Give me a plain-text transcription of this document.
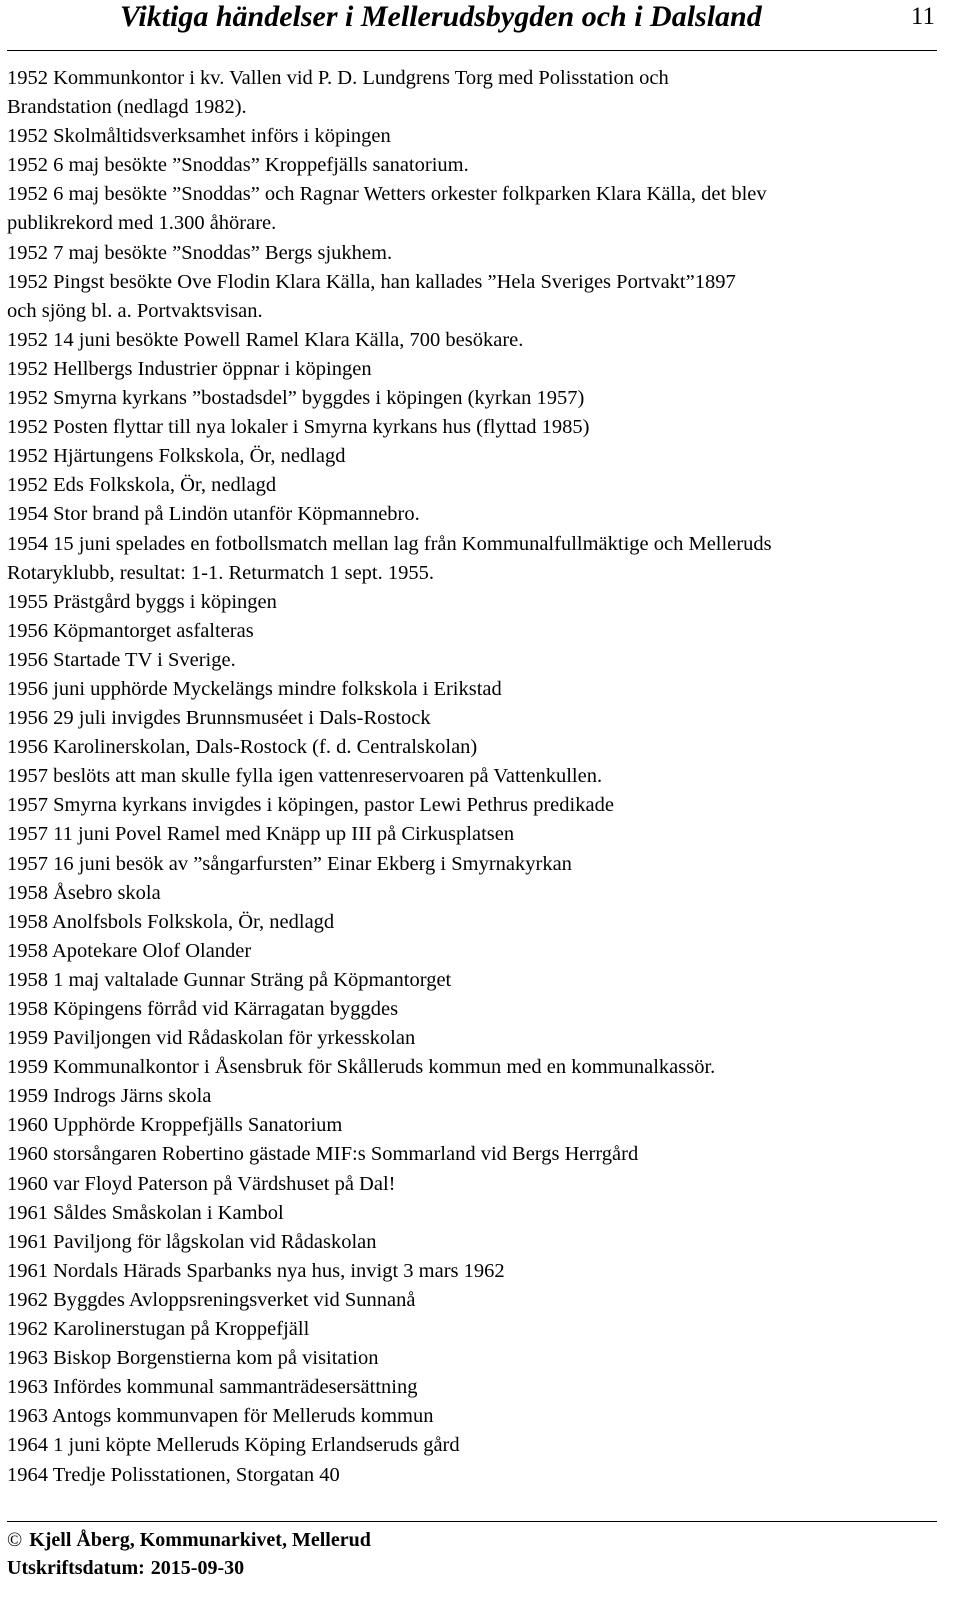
Viktiga händelser i Mellerudsbygden och i Dalsland	11
1952 Kommunkontor i kv. Vallen vid P. D. Lundgrens Torg med Polisstation och
Brandstation (nedlagd 1982).
1952 Skolmåltidsverksamhet införs i köpingen
1952 6 maj besökte ”Snoddas” Kroppefjälls sanatorium.
1952 6 maj besökte ”Snoddas” och Ragnar Wetters orkester folkparken Klara Källa, det blev
publikrekord med 1.300 åhörare.
1952 7 maj besökte ”Snoddas” Bergs sjukhem.
1952 Pingst besökte Ove Flodin Klara Källa, han kallades ”Hela Sveriges Portvakt”1897
och sjöng bl. a. Portvaktsvisan.
1952 14 juni besökte Powell Ramel Klara Källa, 700 besökare.
1952 Hellbergs Industrier öppnar i köpingen
1952 Smyrna kyrkans ”bostadsdel” byggdes i köpingen (kyrkan 1957)
1952 Posten flyttar till nya lokaler i Smyrna kyrkans hus (flyttad 1985)
1952 Hjärtungens Folkskola, Ör, nedlagd
1952 Eds Folkskola, Ör, nedlagd
1954 Stor brand på Lindön utanför Köpmannebro.
1954 15 juni spelades en fotbollsmatch mellan lag från Kommunalfullmäktige och Melleruds
Rotaryklubb, resultat: 1-1. Returmatch 1 sept. 1955.
1955 Prästgård byggs i köpingen
1956 Köpmantorget asfalteras
1956 Startade TV i Sverige.
1956 juni upphörde Myckelängs mindre folkskola i Erikstad
1956 29 juli invigdes Brunnsmuséet i Dals-Rostock
1956 Karolinerskolan, Dals-Rostock (f. d. Centralskolan)
1957 beslöts att man skulle fylla igen vattenreservoaren på Vattenkullen.
1957 Smyrna kyrkans invigdes i köpingen, pastor Lewi Pethrus predikade
1957 11 juni Povel Ramel med Knäpp up III på Cirkusplatsen
1957 16 juni besök av ”sångarfursten” Einar Ekberg i Smyrnakyrkan
1958 Åsebro skola
1958 Anolfsbols Folkskola, Ör, nedlagd
1958 Apotekare Olof Olander
1958 1 maj valtalade Gunnar Sträng på Köpmantorget
1958 Köpingens förråd vid Kärragatan byggdes
1959 Paviljongen vid Rådaskolan för yrkesskolan
1959 Kommunalkontor i Åsensbruk för Skålleruds kommun med en kommunalkassör.
1959 Indrogs Järns skola
1960 Upphörde Kroppefjälls Sanatorium
1960 storsångaren Robertino gästade MIF:s Sommarland vid Bergs Herrgård
1960 var Floyd Paterson på Värdshuset på Dal!
1961 Såldes Småskolan i Kambol
1961 Paviljong för lågskolan vid Rådaskolan
1961 Nordals Härads Sparbanks nya hus, invigt 3 mars 1962
1962 Byggdes Avloppsreningsverket vid Sunnanå
1962 Karolinerstugan på Kroppefjäll
1963 Biskop Borgenstierna kom på visitation
1963 Infördes kommunal sammanträdesersättning
1963 Antogs kommunvapen för Melleruds kommun
1964 1 juni köpte Melleruds Köping Erlandseruds gård
1964 Tredje Polisstationen, Storgatan 40
© Kjell Åberg, Kommunarkivet, Mellerud
Utskriftsdatum: 2015-09-30
